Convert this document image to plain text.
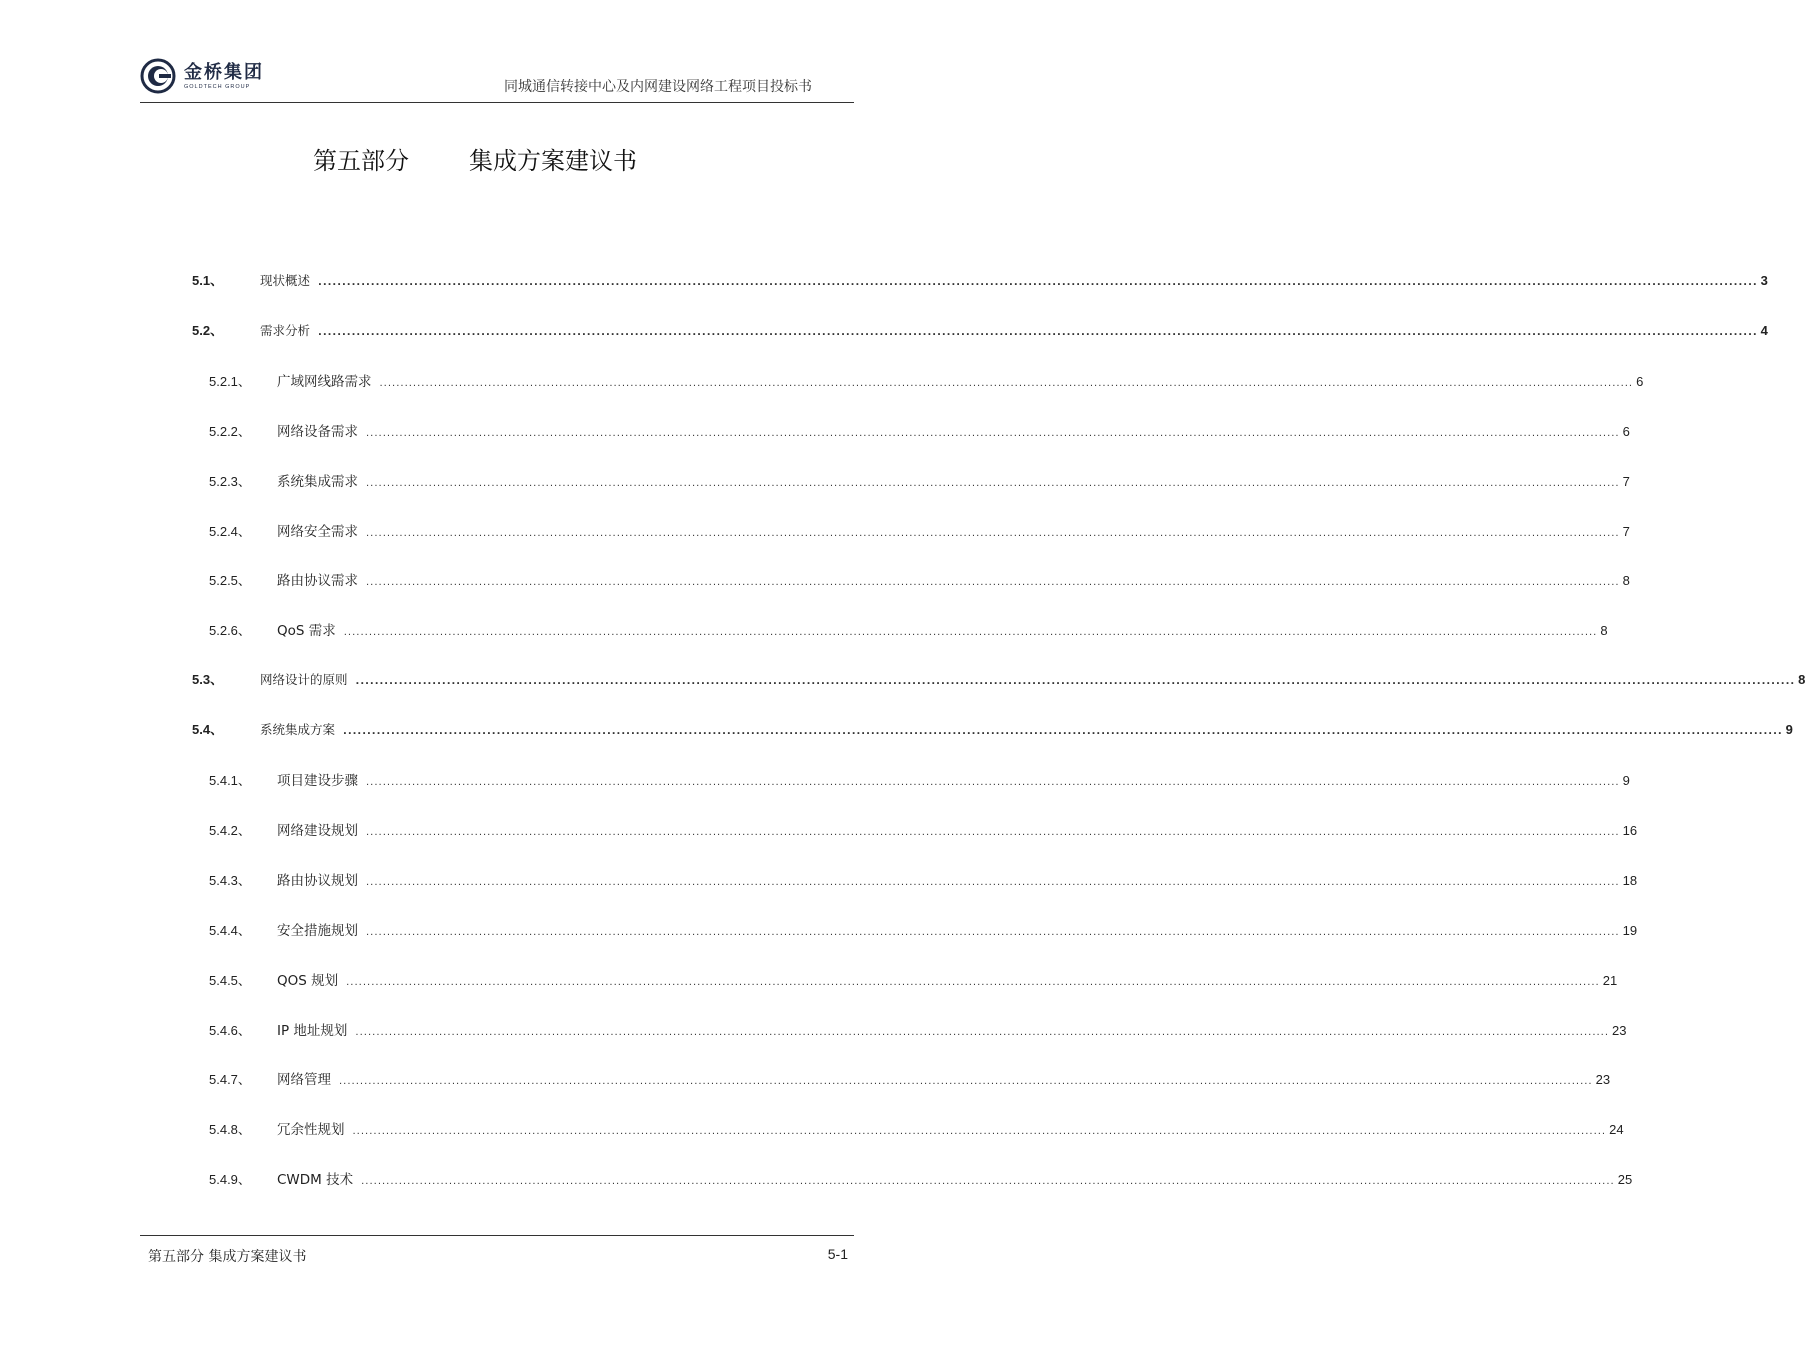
金桥集团
GOLDTECH GROUP	同城通信转接中心及内网建设网络工程项目投标书
第五部分	集成方案建议书
5.1、	现状概述 ............................................................................................................................................................................................................................................................................................................ 3
5.2、	需求分析 ............................................................................................................................................................................................................................................................................................................ 4
5.2.1、	广域网线路需求 ............................................................................................................................................................................................................................................................................................................ 6
5.2.2、	网络设备需求 ............................................................................................................................................................................................................................................................................................................ 6
5.2.3、	系统集成需求 ............................................................................................................................................................................................................................................................................................................ 7
5.2.4、	网络安全需求 ............................................................................................................................................................................................................................................................................................................ 7
5.2.5、	路由协议需求 ............................................................................................................................................................................................................................................................................................................ 8
5.2.6、	QoS 需求 ............................................................................................................................................................................................................................................................................................................ 8
5.3、	网络设计的原则 ............................................................................................................................................................................................................................................................................................................ 8
5.4、	系统集成方案 ............................................................................................................................................................................................................................................................................................................ 9
5.4.1、	项目建设步骤 ............................................................................................................................................................................................................................................................................................................ 9
5.4.2、	网络建设规划 ............................................................................................................................................................................................................................................................................................................ 16
5.4.3、	路由协议规划 ............................................................................................................................................................................................................................................................................................................ 18
5.4.4、	安全措施规划 ............................................................................................................................................................................................................................................................................................................ 19
5.4.5、	QOS 规划 ............................................................................................................................................................................................................................................................................................................ 21
5.4.6、	IP 地址规划 ............................................................................................................................................................................................................................................................................................................ 23
5.4.7、	网络管理 ............................................................................................................................................................................................................................................................................................................ 23
5.4.8、	冗余性规划 ............................................................................................................................................................................................................................................................................................................ 24
5.4.9、	CWDM 技术 ............................................................................................................................................................................................................................................................................................................ 25
第五部分 集成方案建议书	5-1
